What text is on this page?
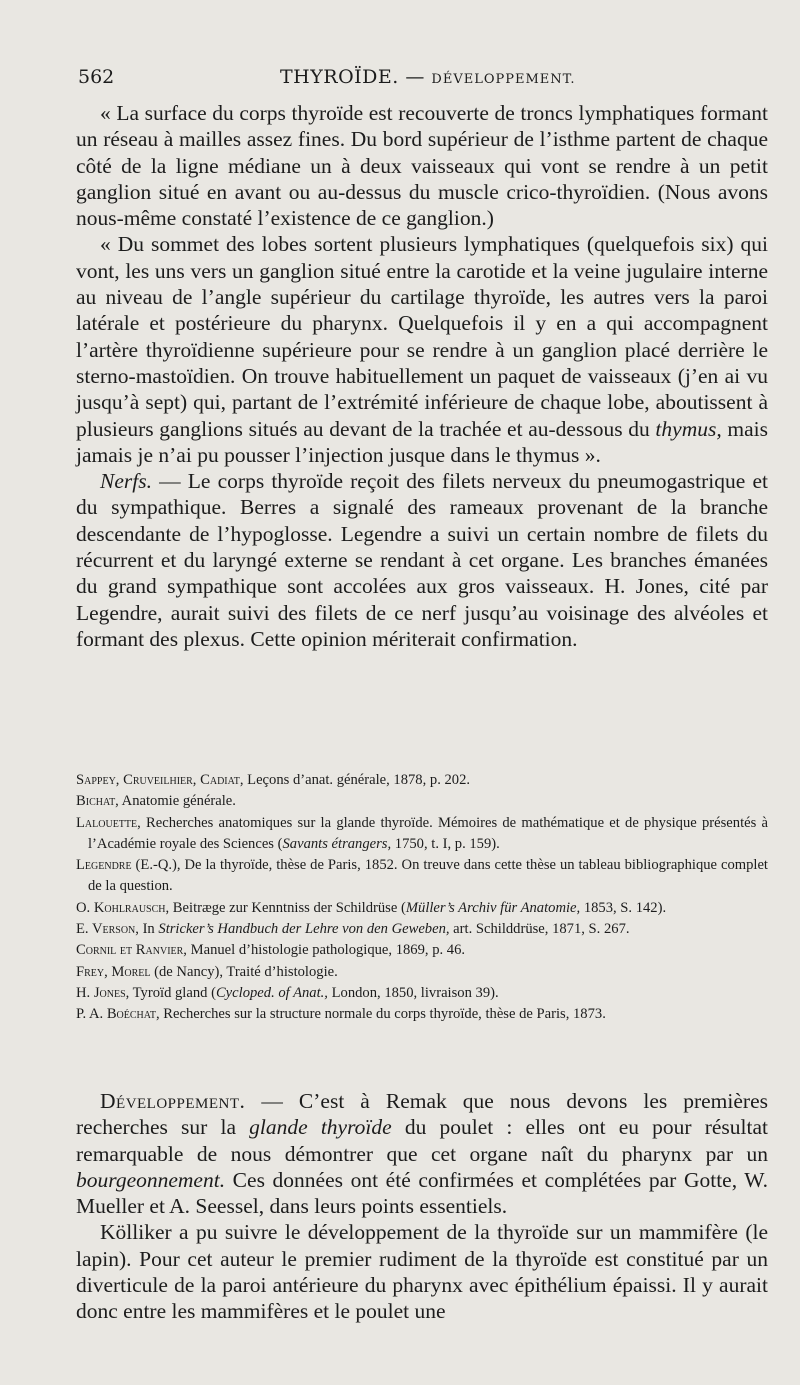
562	THYROÏDE. — DÉVELOPPEMENT.

« La surface du corps thyroïde est recouverte de troncs lymphatiques formant un réseau à mailles assez fines. Du bord supérieur de l’isthme partent de chaque côté de la ligne médiane un à deux vaisseaux qui vont se rendre à un petit ganglion situé en avant ou au-dessus du muscle crico-thyroïdien. (Nous avons nous-même constaté l’existence de ce ganglion.)

« Du sommet des lobes sortent plusieurs lymphatiques (quelquefois six) qui vont, les uns vers un ganglion situé entre la carotide et la veine jugulaire interne au niveau de l’angle supérieur du cartilage thyroïde, les autres vers la paroi latérale et postérieure du pharynx. Quelquefois il y en a qui accompagnent l’artère thyroïdienne supérieure pour se rendre à un ganglion placé derrière le sterno-mastoïdien. On trouve habituellement un paquet de vaisseaux (j’en ai vu jusqu’à sept) qui, partant de l’extrémité inférieure de chaque lobe, aboutissent à plusieurs ganglions situés au devant de la trachée et au-dessous du thymus, mais jamais je n’ai pu pousser l’injection jusque dans le thymus ».

Nerfs. — Le corps thyroïde reçoit des filets nerveux du pneumogastrique et du sympathique. Berres a signalé des rameaux provenant de la branche descendante de l’hypoglosse. Legendre a suivi un certain nombre de filets du récurrent et du laryngé externe se rendant à cet organe. Les branches émanées du grand sympathique sont accolées aux gros vaisseaux. H. Jones, cité par Legendre, aurait suivi des filets de ce nerf jusqu’au voisinage des alvéoles et formant des plexus. Cette opinion mériterait confirmation.

Sappey, Cruveilhier, Cadiat, Leçons d’anat. générale, 1878, p. 202.

Bichat, Anatomie générale.

Lalouette, Recherches anatomiques sur la glande thyroïde. Mémoires de mathématique et de physique présentés à l’Académie royale des Sciences (Savants étrangers, 1750, t. I, p. 159).

Legendre (E.-Q.), De la thyroïde, thèse de Paris, 1852. On treuve dans cette thèse un tableau bibliographique complet de la question.

O. Kohlrausch, Beitræge zur Kenntniss der Schildrüse (Müller’s Archiv für Anatomie, 1853, S. 142).

E. Verson, In Stricker’s Handbuch der Lehre von den Geweben, art. Schilddrüse, 1871, S. 267.

Cornil et Ranvier, Manuel d’histologie pathologique, 1869, p. 46.

Frey, Morel (de Nancy), Traité d’histologie.

H. Jones, Tyroïd gland (Cycloped. of Anat., London, 1850, livraison 39).

P. A. Boéchat, Recherches sur la structure normale du corps thyroïde, thèse de Paris, 1873.

Développement. — C’est à Remak que nous devons les premières recherches sur la glande thyroïde du poulet : elles ont eu pour résultat remarquable de nous démontrer que cet organe naît du pharynx par un bourgeonnement. Ces données ont été confirmées et complétées par Gotte, W. Mueller et A. Seessel, dans leurs points essentiels.

Kölliker a pu suivre le développement de la thyroïde sur un mammifère (le lapin). Pour cet auteur le premier rudiment de la thyroïde est constitué par un diverticule de la paroi antérieure du pharynx avec épithélium épaissi. Il y aurait donc entre les mammifères et le poulet une
